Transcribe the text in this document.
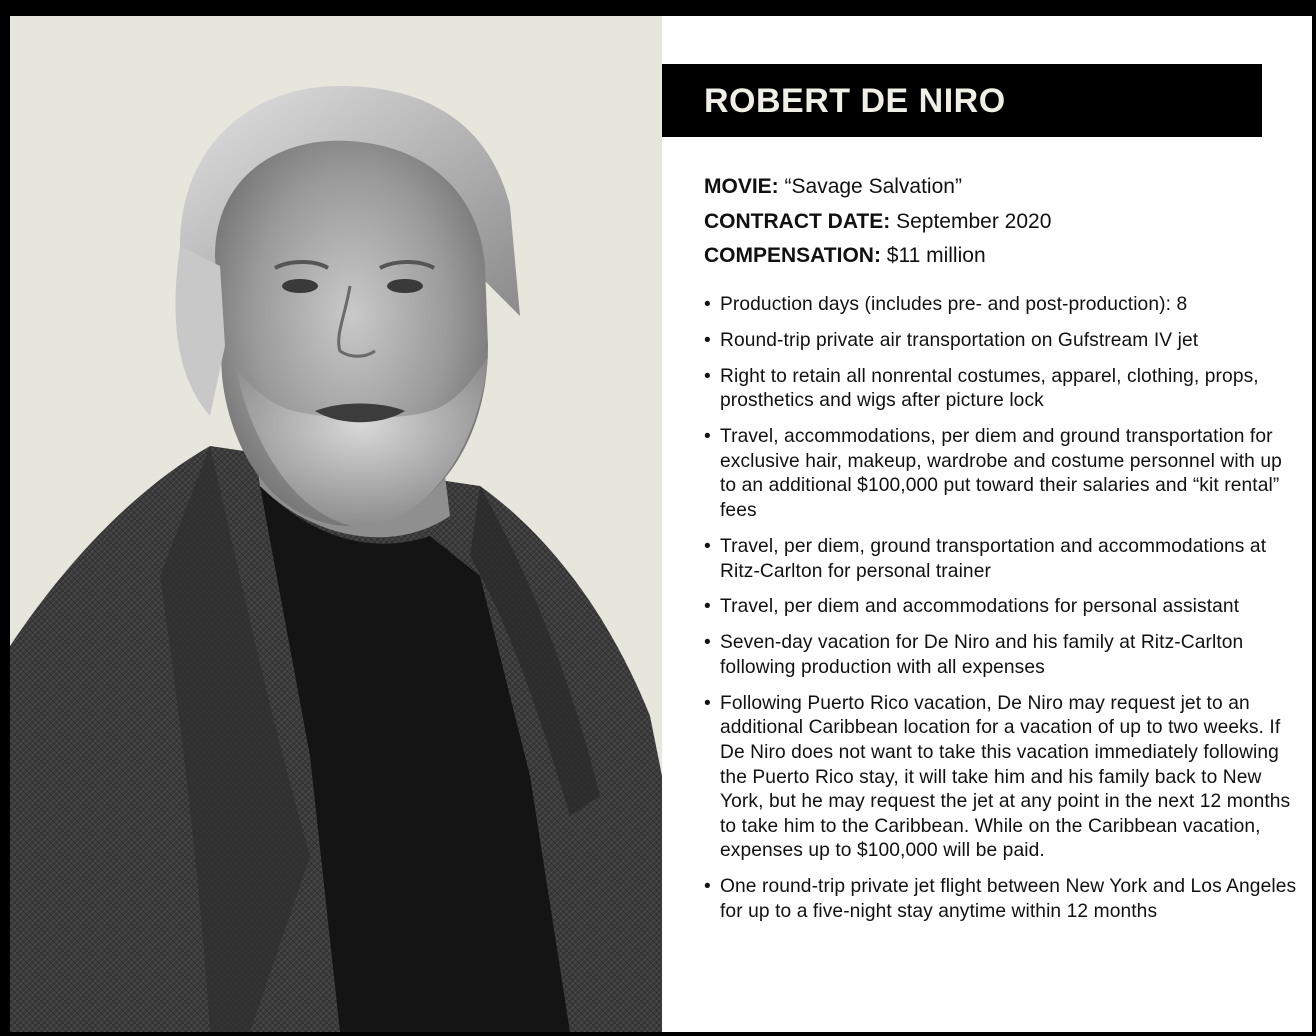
ROBERT DE NIRO
MOVIE: “Savage Salvation”
CONTRACT DATE: September 2020
COMPENSATION: $11 million
• Production days (includes pre- and post-production): 8
• Round-trip private air transportation on Gufstream IV jet
• Right to retain all nonrental costumes, apparel, clothing, props, prosthetics and wigs after picture lock
• Travel, accommodations, per diem and ground transportation for exclusive hair, makeup, wardrobe and costume personnel with up to an additional $100,000 put toward their salaries and “kit rental” fees
• Travel, per diem, ground transportation and accommodations at Ritz-Carlton for personal trainer
• Travel, per diem and accommodations for personal assistant
• Seven-day vacation for De Niro and his family at Ritz-Carlton following production with all expenses
• Following Puerto Rico vacation, De Niro may request jet to an additional Caribbean location for a vacation of up to two weeks. If De Niro does not want to take this vacation immediately following the Puerto Rico stay, it will take him and his family back to New York, but he may request the jet at any point in the next 12 months to take him to the Caribbean. While on the Caribbean vacation, expenses up to $100,000 will be paid.
• One round-trip private jet flight between New York and Los Angeles for up to a five-night stay anytime within 12 months
